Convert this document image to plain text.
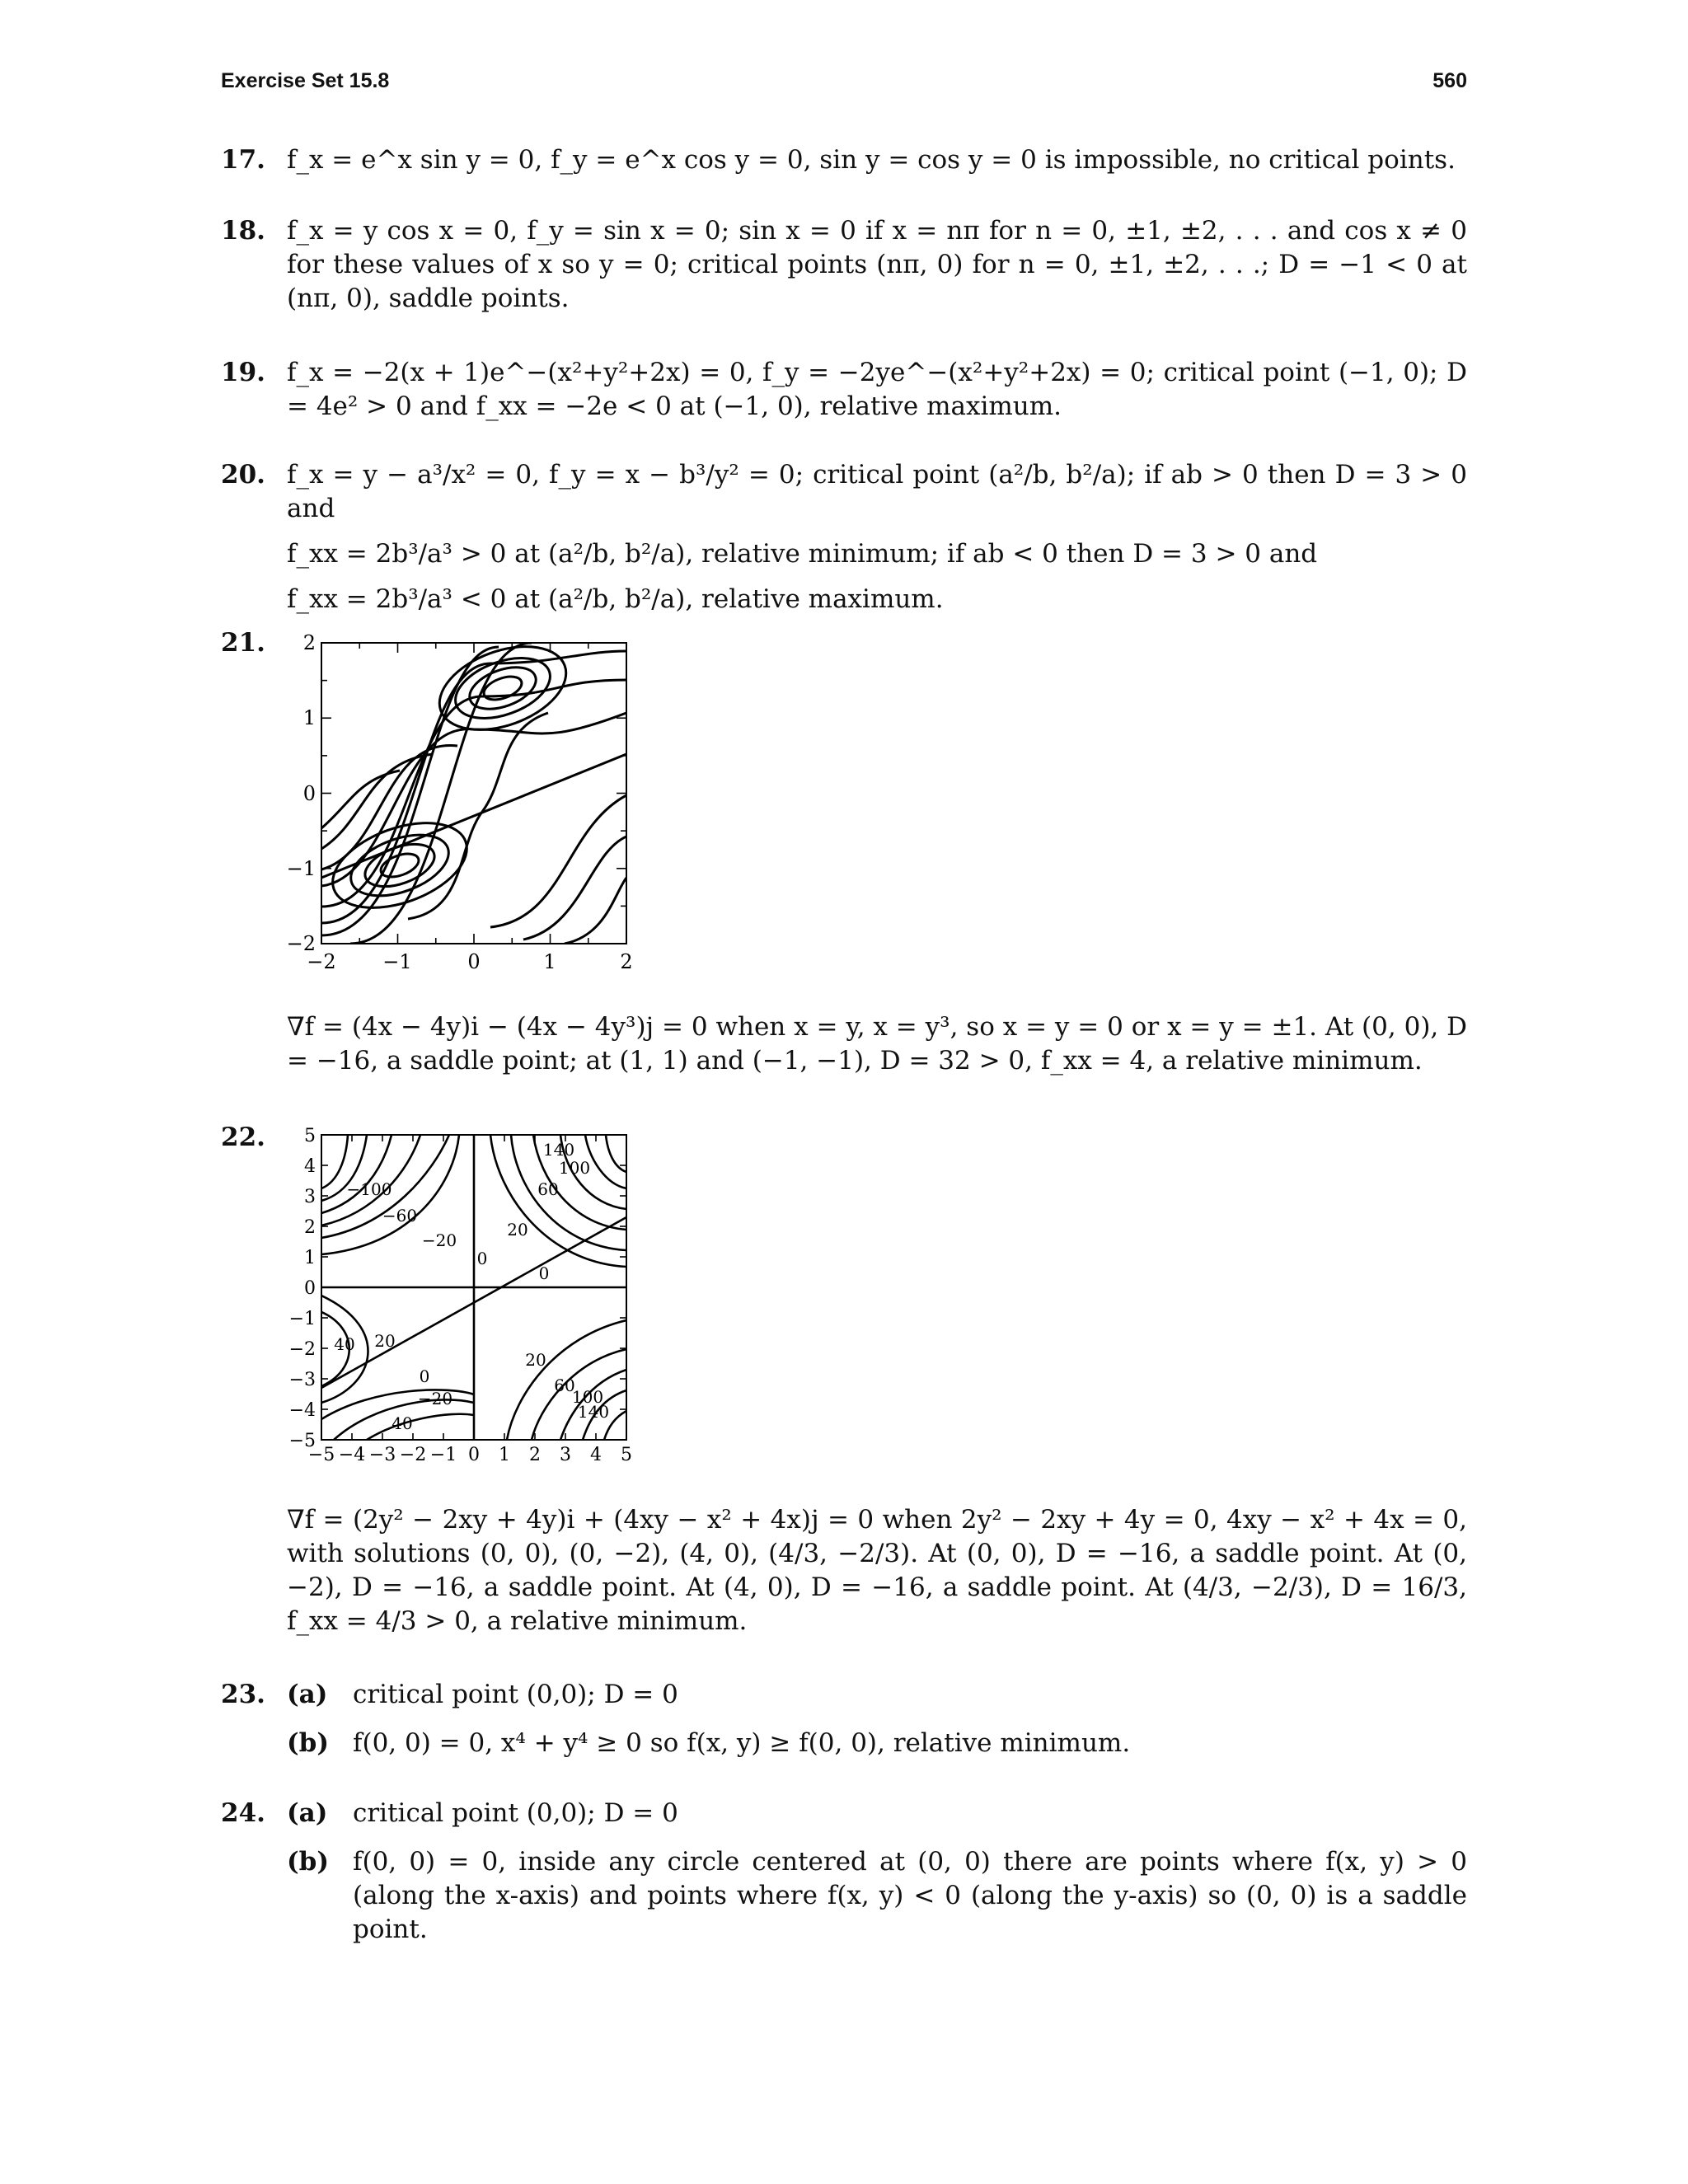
Exercise Set 15.8	560
17. f_x = e^x sin y = 0, f_y = e^x cos y = 0, sin y = cos y = 0 is impossible, no critical points.

18. f_x = y cos x = 0, f_y = sin x = 0; sin x = 0 if x = nπ for n = 0, ±1, ±2, . . . and cos x ≠ 0 for these values of x so y = 0; critical points (nπ, 0) for n = 0, ±1, ±2, . . .; D = −1 < 0 at (nπ, 0), saddle points.

19. f_x = −2(x + 1)e^−(x²+y²+2x) = 0, f_y = −2ye^−(x²+y²+2x) = 0; critical point (−1, 0); D = 4e² > 0 and f_xx = −2e < 0 at (−1, 0), relative maximum.

20. f_x = y − a³/x² = 0, f_y = x − b³/y² = 0; critical point (a²/b, b²/a); if ab > 0 then D = 3 > 0 and

f_xx = 2b³/a³ > 0 at (a²/b, b²/a), relative minimum; if ab < 0 then D = 3 > 0 and

f_xx = 2b³/a³ < 0 at (a²/b, b²/a), relative maximum.

21.
−2 −1	0	1	2
2
1
0
−1
−2

∇f = (4x − 4y)i − (4x − 4y³)j = 0 when x = y, x = y³, so x = y = 0 or x = y = ±1. At (0, 0), D = −16, a saddle point; at (1, 1) and (−1, −1), D = 32 > 0, f_xx = 4, a relative minimum.

22.	140
100
60
−100
−60
20
−20
0
0
40 20
0
20
−20
60
100
140
40
−5 −4 −3 −2 −1 0 1 2 3 4 5
5
4
3
2
1
0
−1
−2
−3
−4
−5

∇f = (2y² − 2xy + 4y)i + (4xy − x² + 4x)j = 0 when 2y² − 2xy + 4y = 0, 4xy − x² + 4x = 0, with solutions (0, 0), (0, −2), (4, 0), (4/3, −2/3). At (0, 0), D = −16, a saddle point. At (0, −2), D = −16, a saddle point. At (4, 0), D = −16, a saddle point. At (4/3, −2/3), D = 16/3, f_xx = 4/3 > 0, a relative minimum.

23. (a) critical point (0,0); D = 0

(b) f(0, 0) = 0, x⁴ + y⁴ ≥ 0 so f(x, y) ≥ f(0, 0), relative minimum.

24. (a) critical point (0,0); D = 0

(b) f(0, 0) = 0, inside any circle centered at (0, 0) there are points where f(x, y) > 0 (along the x-axis) and points where f(x, y) < 0 (along the y-axis) so (0, 0) is a saddle point.
